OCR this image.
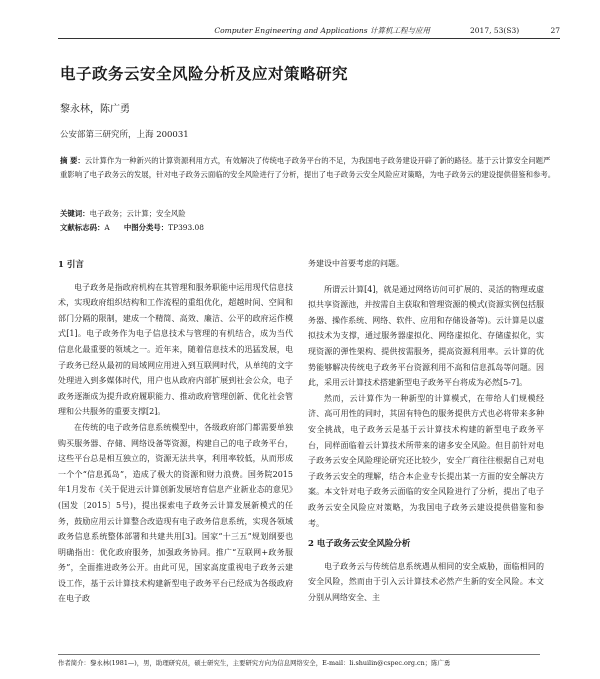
Computer Engineering and Applications 计算机工程与应用	2017, 53(S3)	27
电子政务云安全风险分析及应对策略研究
黎永林，陈广勇
公安部第三研究所，上海 200031
摘 要：云计算作为一种新兴的计算资源利用方式，有效解决了传统电子政务平台的不足，为我国电子政务建设开辟了新的路径。基于云计算安全问题严重影响了电子政务云的发展，针对电子政务云面临的安全风险进行了分析，提出了电子政务云安全风险应对策略，为电子政务云的建设提供借鉴和参考。
关键词：电子政务；云计算；安全风险
文献标志码：A 中图分类号：TP393.08
1 引言

电子政务是指政府机构在其管理和服务职能中运用现代信息技术，实现政府组织结构和工作流程的重组优化，超越时间、空间和部门分隔的限制，建成一个精简、高效、廉洁、公平的政府运作模式[1]。电子政务作为电子信息技术与管理的有机结合，成为当代信息化最重要的领域之一。近年来，随着信息技术的迅猛发展，电子政务已经从最初的局域网应用进入到互联网时代，从单纯的文字处理进入到多媒体时代，用户也从政府内部扩展到社会公众，电子政务逐渐成为提升政府履职能力、推动政府管理创新、优化社会管理和公共服务的重要支撑[2]。

在传统的电子政务信息系统模型中，各级政府部门都需要单独购买服务器、存储、网络设备等资源，构建自己的电子政务平台，这些平台总是相互独立的，资源无法共享，利用率较低，从而形成一个个“信息孤岛”，造成了极大的资源和财力浪费。国务院2015年1月发布《关于促进云计算创新发展培育信息产业新业态的意见》(国发〔2015〕5号)，提出探索电子政务云计算发展新模式的任务，鼓励应用云计算整合改造现有电子政务信息系统，实现各领域政务信息系统整体部署和共建共用[3]。国家“十三五”规划纲要也明确指出：优化政府服务，加强政务协同。推广“互联网+政务服务”，全面推进政务公开。由此可见，国家高度重视电子政务云建设工作，基于云计算技术构建新型电子政务平台已经成为各级政府在电子政

务建设中首要考虑的问题。

所谓云计算[4]，就是通过网络访问可扩展的、灵活的物理或虚拟共享资源池，并按需自主获取和管理资源的模式(资源实例包括服务器、操作系统、网络、软件、应用和存储设备等)。云计算是以虚拟技术为支撑，通过服务器虚拟化、网络虚拟化、存储虚拟化，实现资源的弹性架构、提供按需服务，提高资源利用率。云计算的优势能够解决传统电子政务平台资源利用不高和信息孤岛等问题。因此，采用云计算技术搭建新型电子政务平台将成为必然[5-7]。

然而，云计算作为一种新型的计算模式，在带给人们规模经济、高可用性的同时，其固有特色的服务提供方式也必将带来多种安全挑战，电子政务云是基于云计算技术构建的新型电子政务平台，同样面临着云计算技术所带来的诸多安全风险。但目前针对电子政务云安全风险理论研究还比较少，安全厂商往往根据自己对电子政务云安全的理解，结合本企业专长提出某一方面的安全解决方案。本文针对电子政务云面临的安全风险进行了分析，提出了电子政务云安全风险应对策略，为我国电子政务云建设提供借鉴和参考。

2 电子政务云安全风险分析

电子政务云与传统信息系统遇从相同的安全威胁，面临相同的安全风险，然而由于引入云计算技术必然产生新的安全风险。本文分别从网络安全、主

作者简介：黎永林(1981—)，男，助理研究员，硕士研究生，主要研究方向为信息网络安全，E-mail：li.shuilin@cspec.org.cn；陈广勇
